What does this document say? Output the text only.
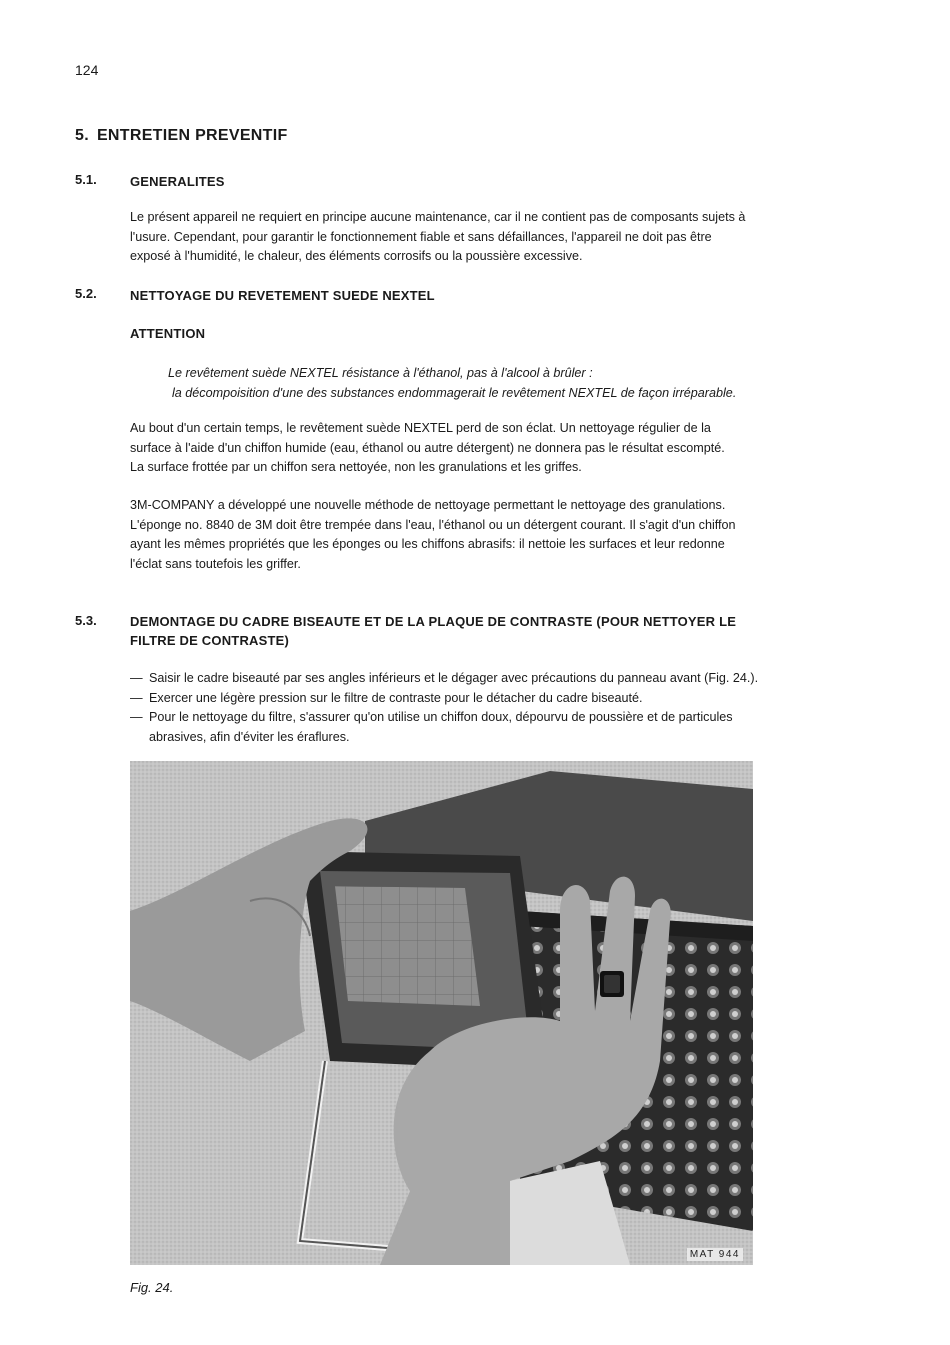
124
5. ENTRETIEN PREVENTIF
5.1.	GENERALITES

Le présent appareil ne requiert en principe aucune maintenance, car il ne contient pas de composants sujets à

l'usure. Cependant, pour garantir le fonctionnement fiable et sans défaillances, l'appareil ne doit pas être

exposé à l'humidité, le chaleur, des éléments corrosifs ou la poussière excessive.

5.2.	NETTOYAGE DU REVETEMENT SUEDE NEXTEL
ATTENTION

Le revêtement suède NEXTEL résistance à l'éthanol, pas à l'alcool à brûler :

la décompoisition d'une des substances endommagerait le revêtement NEXTEL de façon irréparable.

Au bout d'un certain temps, le revêtement suède NEXTEL perd de son éclat. Un nettoyage régulier de la

surface à l'aide d'un chiffon humide (eau, éthanol ou autre détergent) ne donnera pas le résultat escompté.

La surface frottée par un chiffon sera nettoyée, non les granulations et les griffes.

3M-COMPANY a développé une nouvelle méthode de nettoyage permettant le nettoyage des granulations.

L'éponge no. 8840 de 3M doit être trempée dans l'eau, l'éthanol ou un détergent courant. Il s'agit d'un chiffon

ayant les mêmes propriétés que les éponges ou les chiffons abrasifs: il nettoie les surfaces et leur redonne

l'éclat sans toutefois les griffer.

5.3.	DEMONTAGE DU CADRE BISEAUTE ET DE LA PLAQUE DE CONTRASTE (POUR NETTOYER LE
FILTRE DE CONTRASTE)
— Saisir le cadre biseauté par ses angles inférieurs et le dégager avec précautions du panneau avant (Fig. 24.).
— Exercer une légère pression sur le filtre de contraste pour le détacher du cadre biseauté.
— Pour le nettoyage du filtre, s'assurer qu'on utilise un chiffon doux, dépourvu de poussière et de particules
abrasives, afin d'éviter les éraflures.
MAT 944
Fig. 24.
